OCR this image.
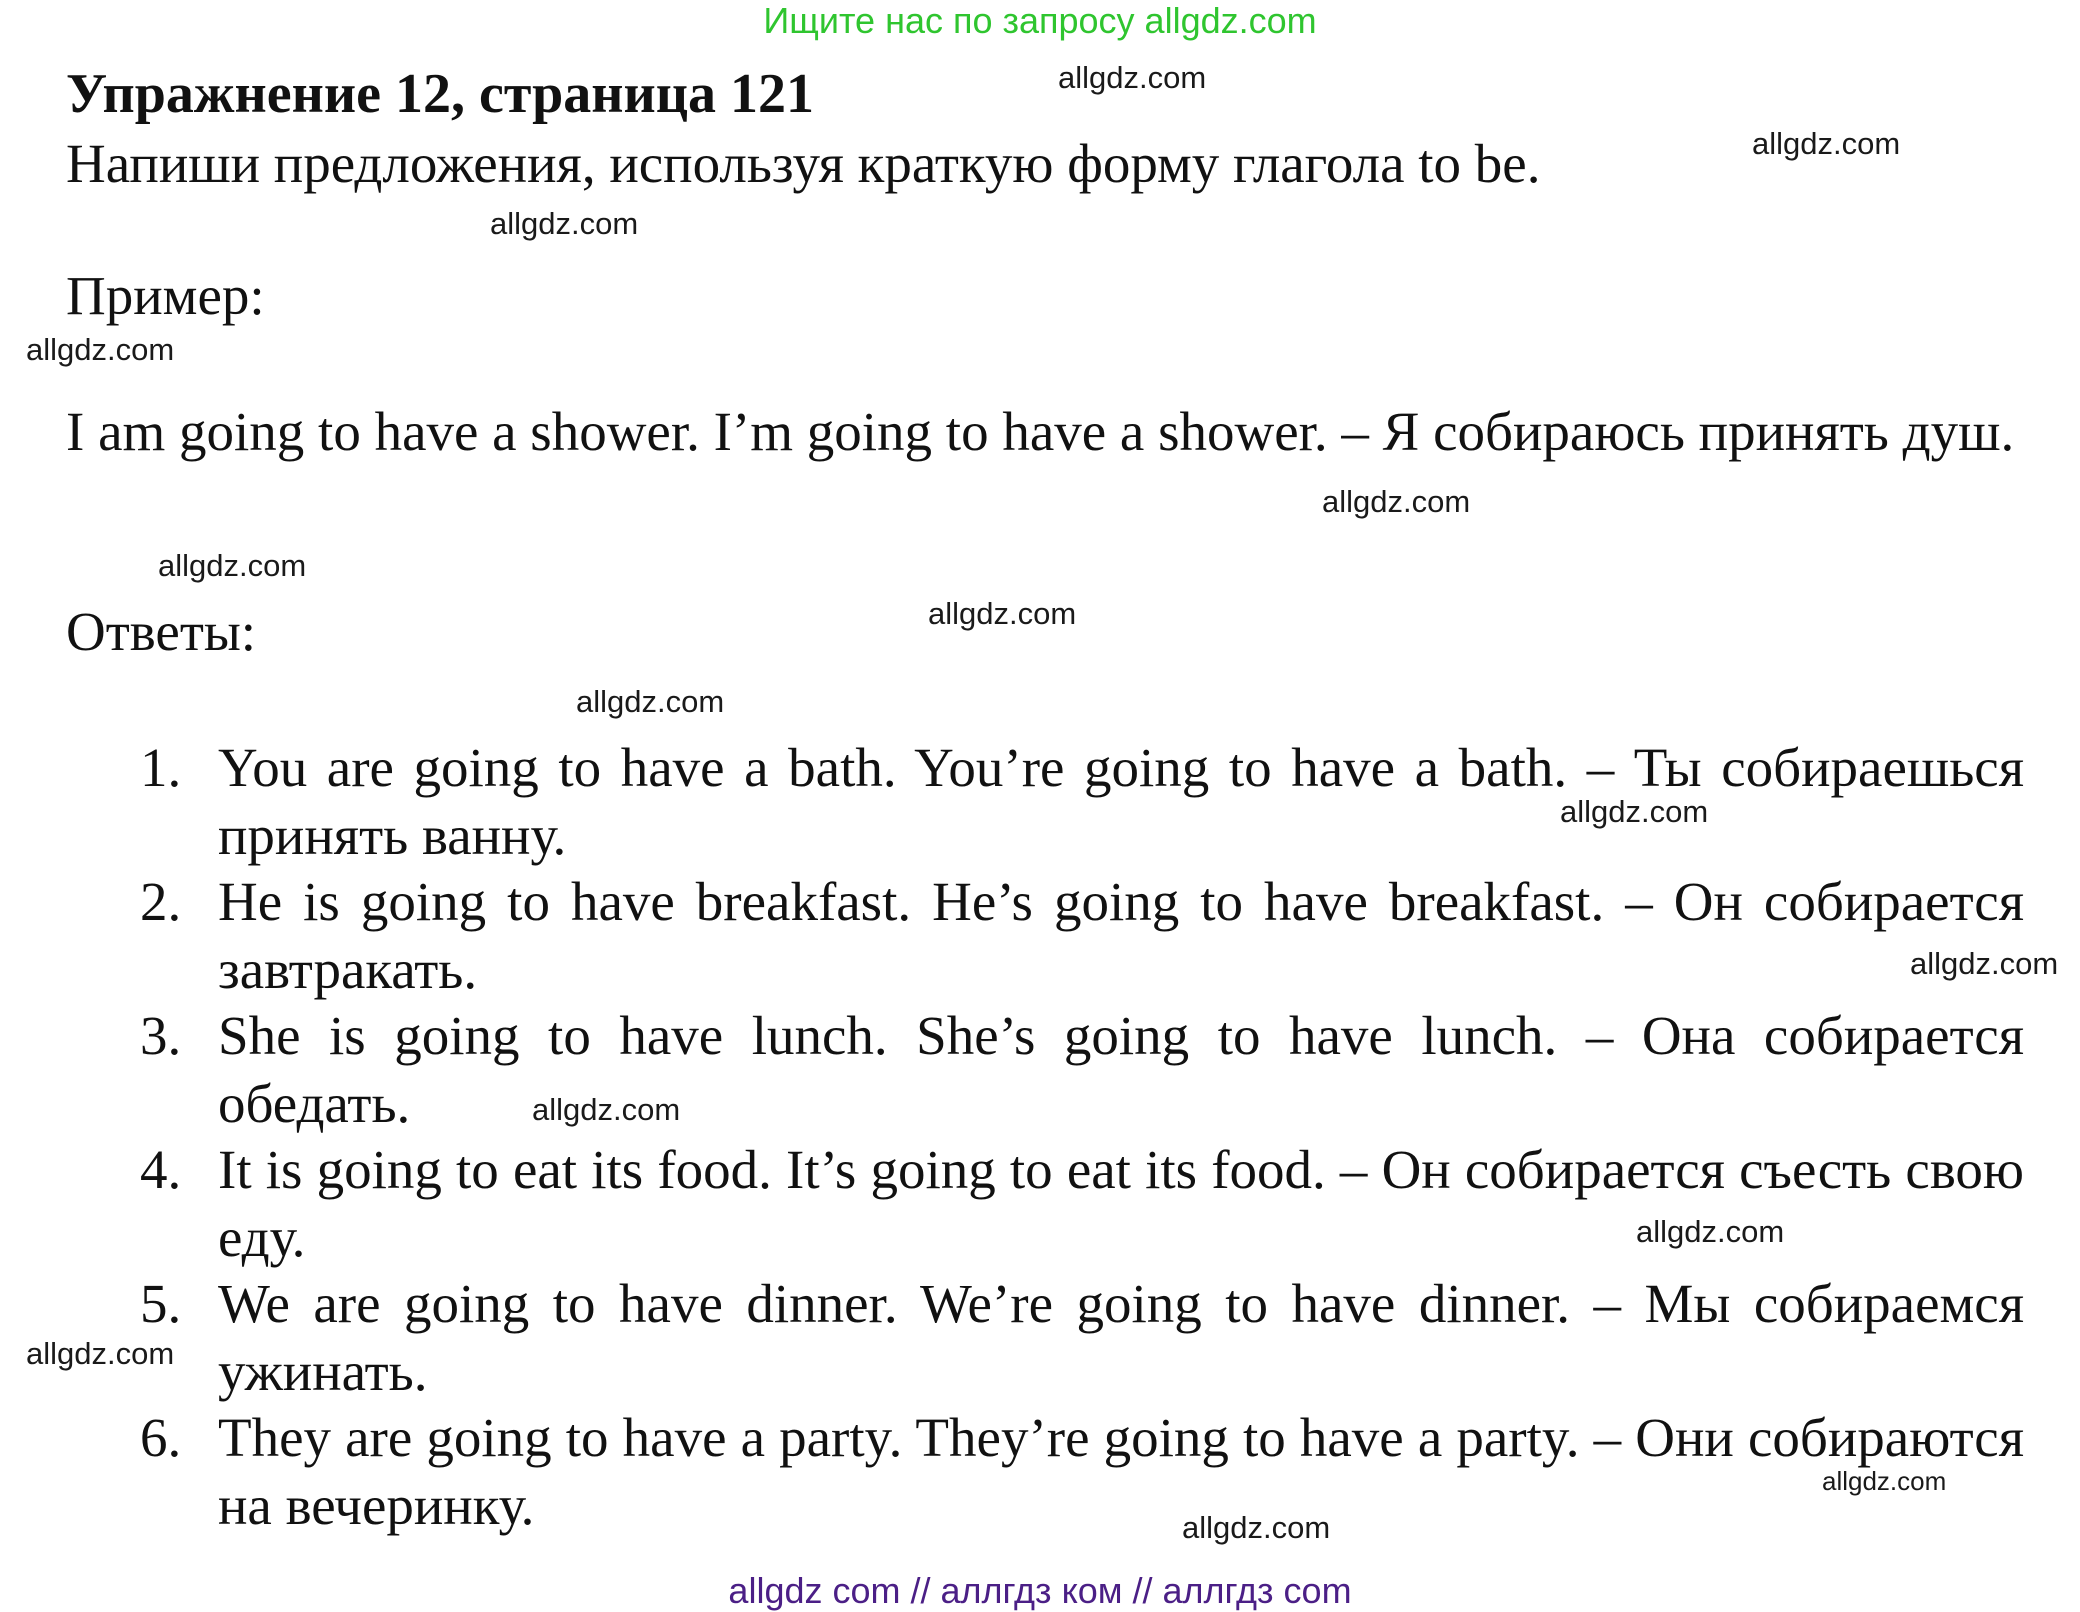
Ищите нас по запросу allgdz.com
Упражнение 12, страница 121
Напиши предложения, используя краткую форму глагола to be.
Пример:
I am going to have a shower. I’m going to have a shower. – Я собираюсь принять душ.
Ответы:
1. You are going to have a bath. You’re going to have a bath. – Ты собираешься принять ванну.
2. He is going to have breakfast. He’s going to have breakfast. – Он собирается завтракать.
3. She is going to have lunch. She’s going to have lunch. – Она собирается обедать.
4. It is going to eat its food. It’s going to eat its food. – Он собирается съесть свою еду.
5. We are going to have dinner. We’re going to have dinner. – Мы собираемся ужинать.
6. They are going to have a party. They’re going to have a party. – Они собираются на вечеринку.
allgdz.com
allgdz.com
allgdz.com
allgdz.com
allgdz.com
allgdz.com
allgdz.com
allgdz.com
allgdz.com
allgdz.com
allgdz.com
allgdz.com
allgdz.com
allgdz.com
allgdz.com
allgdz com // аллгдз ком // аллгдз com
